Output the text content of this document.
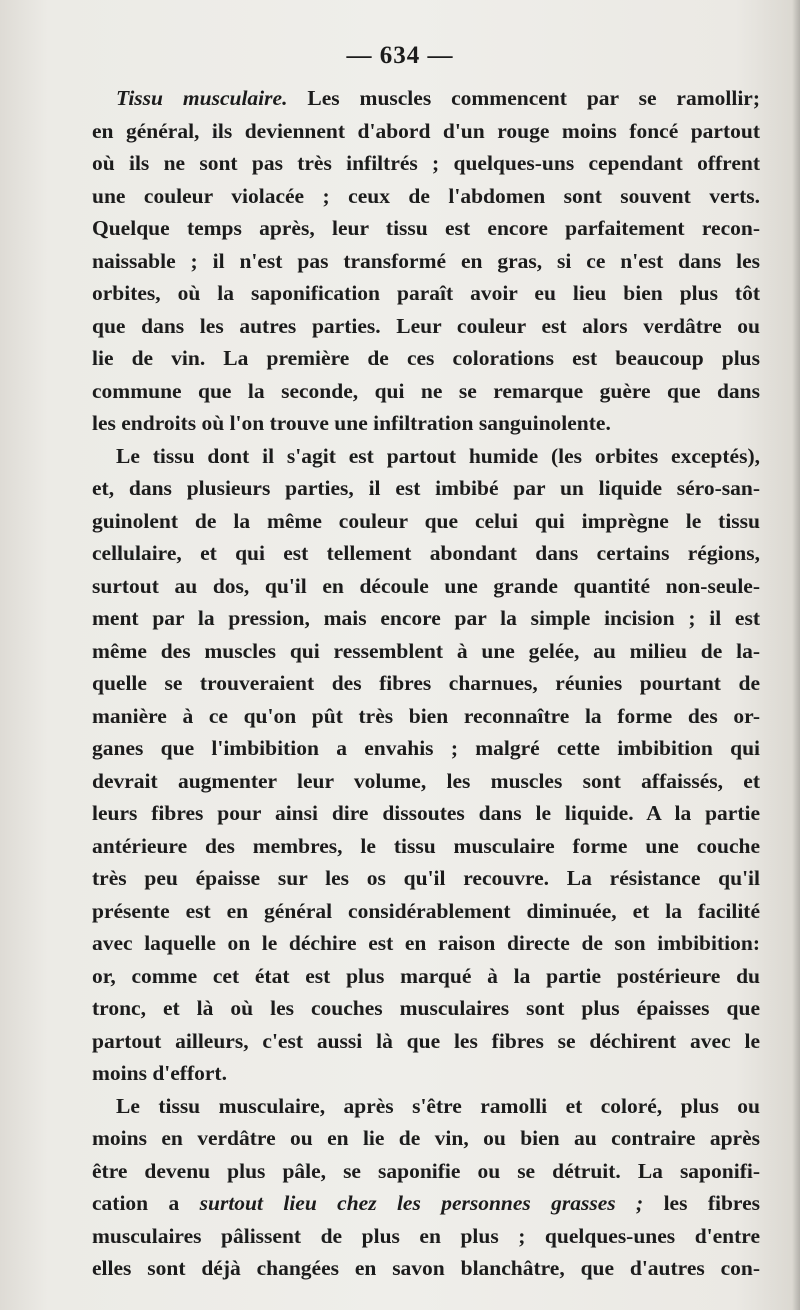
— 634 —
Tissu musculaire. Les muscles commencent par se ramollir;
en général, ils deviennent d'abord d'un rouge moins foncé partout
où ils ne sont pas très infiltrés ; quelques-uns cependant offrent
une couleur violacée ; ceux de l'abdomen sont souvent verts.
Quelque temps après, leur tissu est encore parfaitement recon-
naissable ; il n'est pas transformé en gras, si ce n'est dans les
orbites, où la saponification paraît avoir eu lieu bien plus tôt
que dans les autres parties. Leur couleur est alors verdâtre ou
lie de vin. La première de ces colorations est beaucoup plus
commune que la seconde, qui ne se remarque guère que dans
les endroits où l'on trouve une infiltration sanguinolente.
Le tissu dont il s'agit est partout humide (les orbites exceptés),
et, dans plusieurs parties, il est imbibé par un liquide séro-san-
guinolent de la même couleur que celui qui imprègne le tissu
cellulaire, et qui est tellement abondant dans certains régions,
surtout au dos, qu'il en découle une grande quantité non-seule-
ment par la pression, mais encore par la simple incision ; il est
même des muscles qui ressemblent à une gelée, au milieu de la-
quelle se trouveraient des fibres charnues, réunies pourtant de
manière à ce qu'on pût très bien reconnaître la forme des or-
ganes que l'imbibition a envahis ; malgré cette imbibition qui
devrait augmenter leur volume, les muscles sont affaissés, et
leurs fibres pour ainsi dire dissoutes dans le liquide. A la partie
antérieure des membres, le tissu musculaire forme une couche
très peu épaisse sur les os qu'il recouvre. La résistance qu'il
présente est en général considérablement diminuée, et la facilité
avec laquelle on le déchire est en raison directe de son imbibition:
or, comme cet état est plus marqué à la partie postérieure du
tronc, et là où les couches musculaires sont plus épaisses que
partout ailleurs, c'est aussi là que les fibres se déchirent avec le
moins d'effort.
Le tissu musculaire, après s'être ramolli et coloré, plus ou
moins en verdâtre ou en lie de vin, ou bien au contraire après
être devenu plus pâle, se saponifie ou se détruit. La saponifi-
cation a surtout lieu chez les personnes grasses ; les fibres
musculaires pâlissent de plus en plus ; quelques-unes d'entre
elles sont déjà changées en savon blanchâtre, que d'autres con-
